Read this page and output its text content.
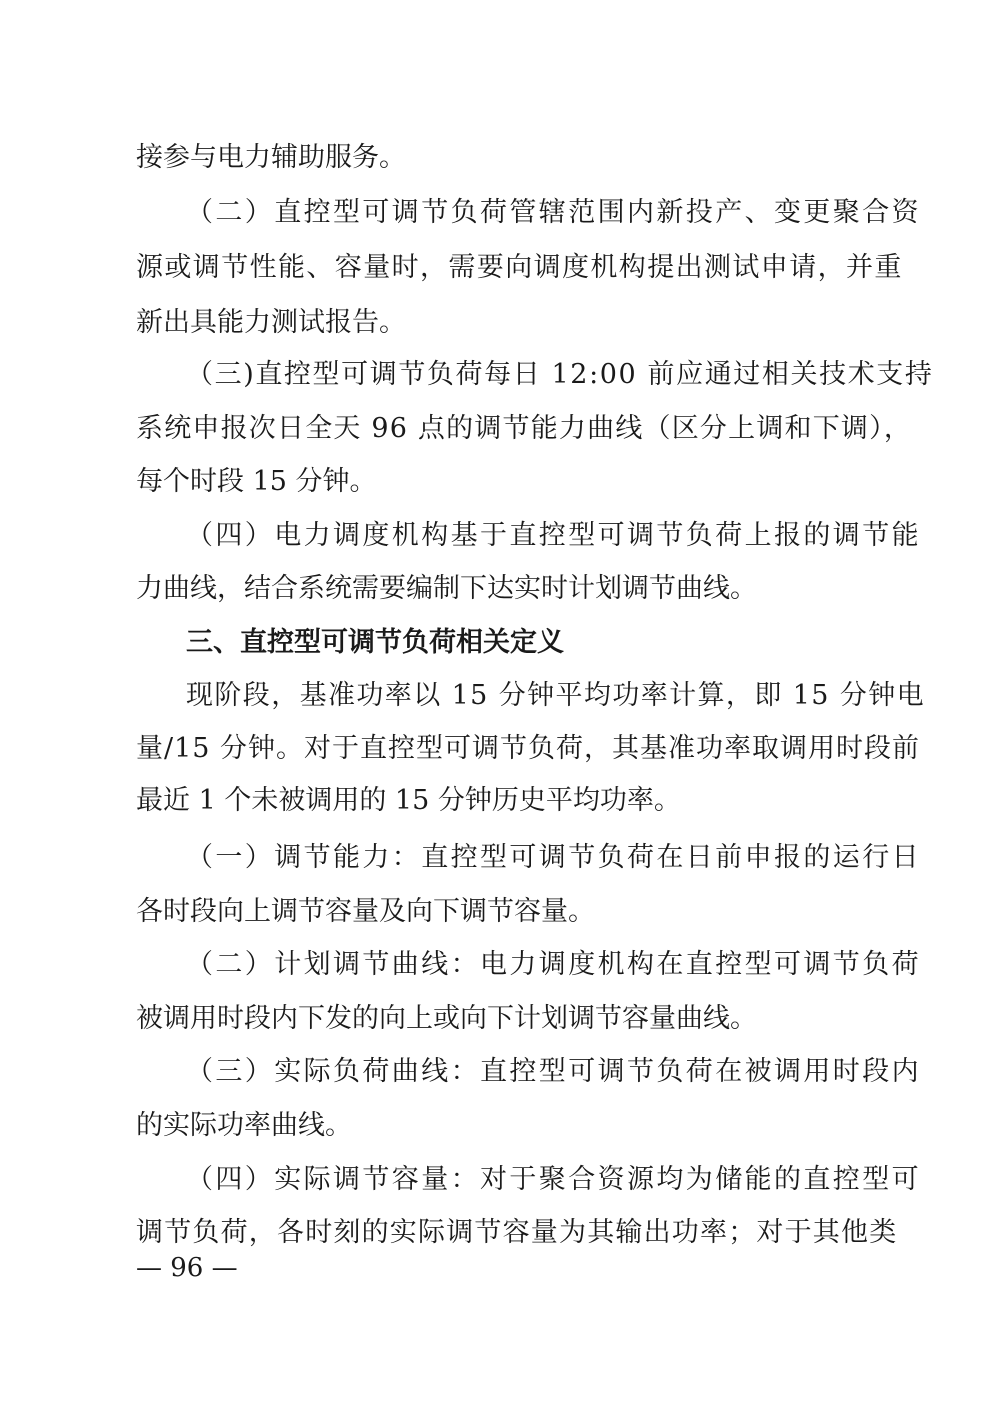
接参与电力辅助服务。
（二）直控型可调节负荷管辖范围内新投产、变更聚合资
源或调节性能、容量时，需要向调度机构提出测试申请，并重
新出具能力测试报告。
（三)直控型可调节负荷每日 12:00 前应通过相关技术支持
系统申报次日全天 96 点的调节能力曲线（区分上调和下调），
每个时段 15 分钟。
（四）电力调度机构基于直控型可调节负荷上报的调节能
力曲线，结合系统需要编制下达实时计划调节曲线。
三、直控型可调节负荷相关定义
现阶段，基准功率以 15 分钟平均功率计算，即 15 分钟电
量/15 分钟。对于直控型可调节负荷，其基准功率取调用时段前
最近 1 个未被调用的 15 分钟历史平均功率。
（一）调节能力：直控型可调节负荷在日前申报的运行日
各时段向上调节容量及向下调节容量。
（二）计划调节曲线：电力调度机构在直控型可调节负荷
被调用时段内下发的向上或向下计划调节容量曲线。
（三）实际负荷曲线：直控型可调节负荷在被调用时段内
的实际功率曲线。
（四）实际调节容量：对于聚合资源均为储能的直控型可
调节负荷，各时刻的实际调节容量为其输出功率；对于其他类
— 96 —
